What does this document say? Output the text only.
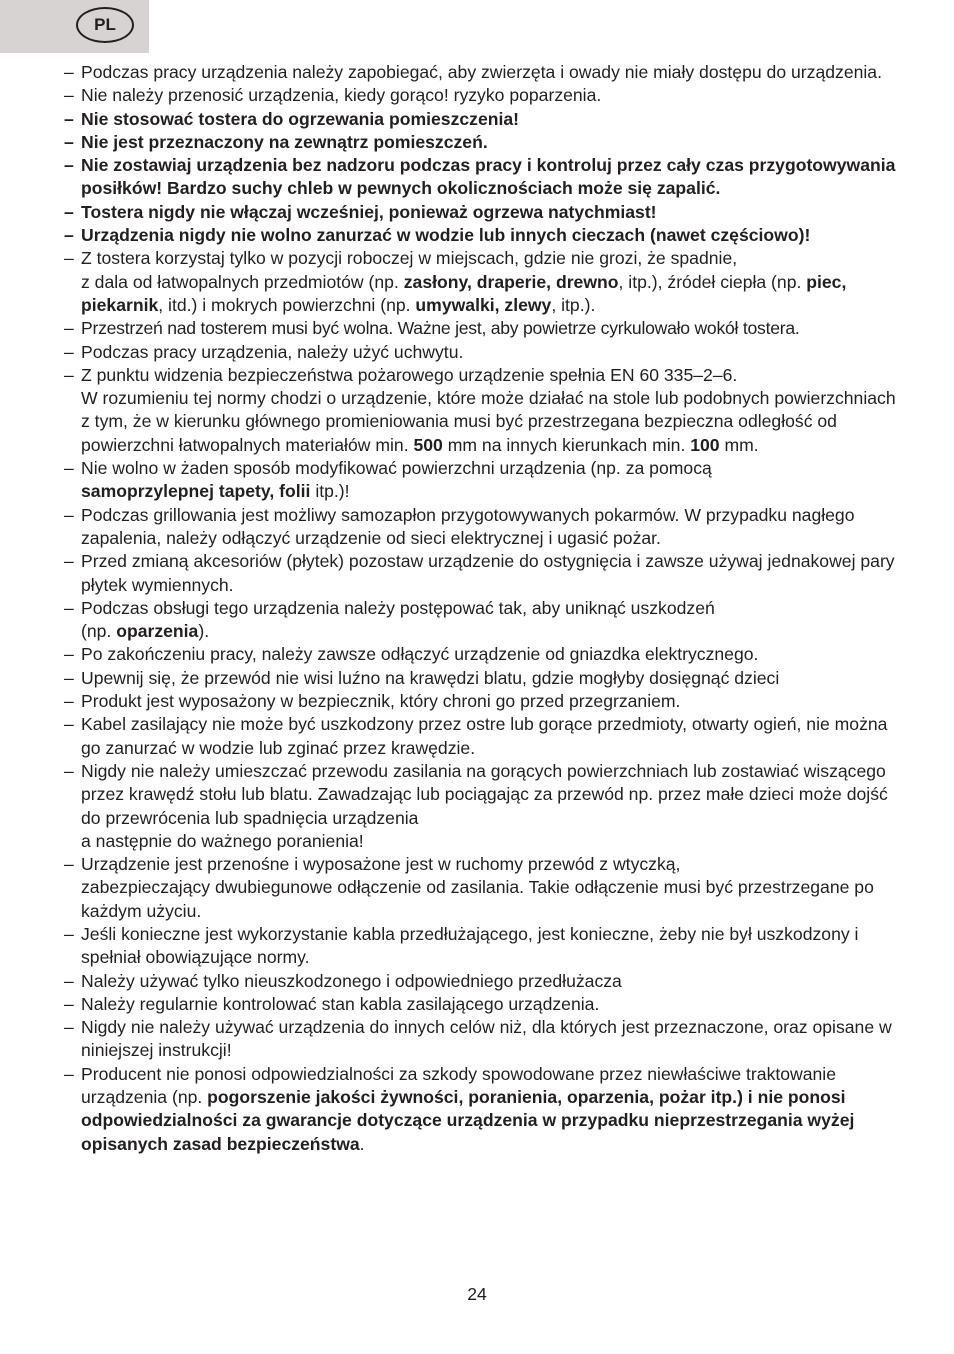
PL
– Podczas pracy urządzenia należy zapobiegać, aby zwierzęta i owady nie miały dostępu do urządzenia.
– Nie należy przenosić urządzenia, kiedy gorąco! ryzyko poparzenia.
– Nie stosować tostera do ogrzewania pomieszczenia!
– Nie jest przeznaczony na zewnątrz pomieszczeń.
– Nie zostawiaj urządzenia bez nadzoru podczas pracy i kontroluj przez cały czas przygotowywania posiłków! Bardzo suchy chleb w pewnych okolicznościach może się zapalić.
– Tostera nigdy nie włączaj wcześniej, ponieważ ogrzewa natychmiast!
– Urządzenia nigdy nie wolno zanurzać w wodzie lub innych cieczach (nawet częściowo)!
– Z tostera korzystaj tylko w pozycji roboczej w miejscach, gdzie nie grozi, że spadnie,
z dala od łatwopalnych przedmiotów (np. zasłony, draperie, drewno, itp.), źródeł ciepła (np. piec, piekarnik, itd.) i mokrych powierzchni (np. umywalki, zlewy, itp.).
– Przestrzeń nad tosterem musi być wolna. Ważne jest, aby powietrze cyrkulowało wokół tostera.
– Podczas pracy urządzenia, należy użyć uchwytu.
– Z punktu widzenia bezpieczeństwa pożarowego urządzenie spełnia EN 60 335–2–6.
W rozumieniu tej normy chodzi o urządzenie, które może działać na stole lub podobnych powierzchniach z tym, że w kierunku głównego promieniowania musi być przestrzegana bezpieczna odległość od powierzchni łatwopalnych materiałów min. 500 mm na innych kierunkach min. 100 mm.
– Nie wolno w żaden sposób modyfikować powierzchni urządzenia (np. za pomocą
samoprzylepnej tapety, folii itp.)!
– Podczas grillowania jest możliwy samozapłon przygotowywanych pokarmów. W przypadku nagłego zapalenia, należy odłączyć urządzenie od sieci elektrycznej i ugasić pożar.
– Przed zmianą akcesoriów (płytek) pozostaw urządzenie do ostygnięcia i zawsze używaj jednakowej pary płytek wymiennych.
– Podczas obsługi tego urządzenia należy postępować tak, aby uniknąć uszkodzeń
(np. oparzenia).
– Po zakończeniu pracy, należy zawsze odłączyć urządzenie od gniazdka elektrycznego.
– Upewnij się, że przewód nie wisi luźno na krawędzi blatu, gdzie mogłyby dosięgnąć dzieci
– Produkt jest wyposażony w bezpiecznik, który chroni go przed przegrzaniem.
– Kabel zasilający nie może być uszkodzony przez ostre lub gorące przedmioty, otwarty ogień, nie można go zanurzać w wodzie lub zginać przez krawędzie.
– Nigdy nie należy umieszczać przewodu zasilania na gorących powierzchniach lub zostawiać wiszącego przez krawędź stołu lub blatu. Zawadzając lub pociągając za przewód np. przez małe dzieci może dojść do przewrócenia lub spadnięcia urządzenia
a następnie do ważnego poranienia!
– Urządzenie jest przenośne i wyposażone jest w ruchomy przewód z wtyczką,
zabezpieczający dwubiegunowe odłączenie od zasilania. Takie odłączenie musi być przestrzegane po każdym użyciu.
– Jeśli konieczne jest wykorzystanie kabla przedłużającego, jest konieczne, żeby nie był uszkodzony i spełniał obowiązujące normy.
– Należy używać tylko nieuszkodzonego i odpowiedniego przedłużacza
– Należy regularnie kontrolować stan kabla zasilającego urządzenia.
– Nigdy nie należy używać urządzenia do innych celów niż, dla których jest przeznaczone, oraz opisane w niniejszej instrukcji!
– Producent nie ponosi odpowiedzialności za szkody spowodowane przez niewłaściwe traktowanie urządzenia (np. pogorszenie jakości żywności, poranienia, oparzenia, pożar itp.) i nie ponosi odpowiedzialności za gwarancje dotyczące urządzenia w przypadku nieprzestrzegania wyżej opisanych zasad bezpieczeństwa.
24
